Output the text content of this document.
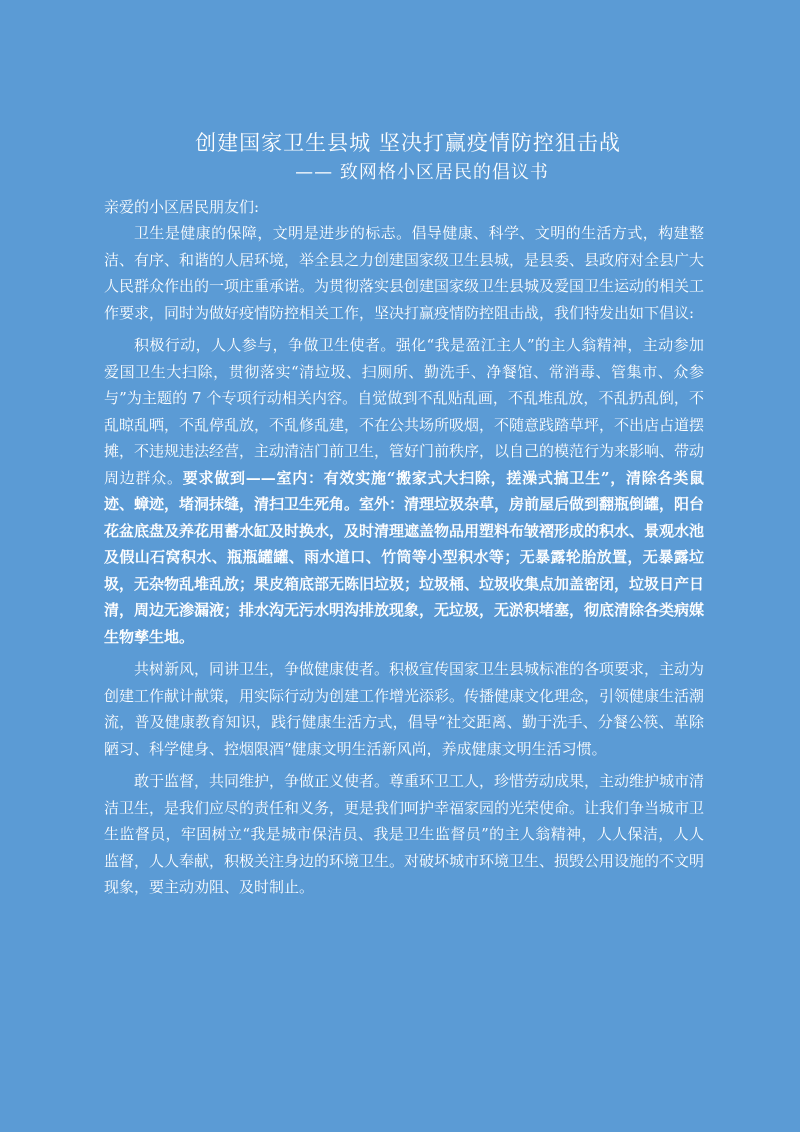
创建国家卫生县城 坚决打赢疫情防控狙击战
—— 致网格小区居民的倡议书

亲爱的小区居民朋友们:

卫生是健康的保障，文明是进步的标志。倡导健康、科学、文明的生活方式，构建整洁、有序、和谐的人居环境，举全县之力创建国家级卫生县城，是县委、县政府对全县广大人民群众作出的一项庄重承诺。为贯彻落实县创建国家级卫生县城及爱国卫生运动的相关工作要求，同时为做好疫情防控相关工作，坚决打赢疫情防控阻击战，我们特发出如下倡议:

积极行动，人人参与，争做卫生使者。强化“我是盈江主人”的主人翁精神，主动参加爱国卫生大扫除，贯彻落实“清垃圾、扫厕所、勤洗手、净餐馆、常消毒、管集市、众参与”为主题的 7 个专项行动相关内容。自觉做到不乱贴乱画，不乱堆乱放，不乱扔乱倒，不乱晾乱晒，不乱停乱放，不乱修乱建，不在公共场所吸烟，不随意践踏草坪，不出店占道摆摊，不违规违法经营，主动清洁门前卫生，管好门前秩序，以自己的模范行为来影响、带动周边群众。要求做到——室内：有效实施“搬家式大扫除，搓澡式搞卫生”，清除各类鼠迹、蟑迹，堵洞抹缝，清扫卫生死角。室外：清理垃圾杂草，房前屋后做到翻瓶倒罐，阳台花盆底盘及养花用蓄水缸及时换水，及时清理遮盖物品用塑料布皱褶形成的积水、景观水池及假山石窝积水、瓶瓶罐罐、雨水道口、竹筒等小型积水等；无暴露轮胎放置，无暴露垃圾，无杂物乱堆乱放；果皮箱底部无陈旧垃圾；垃圾桶、垃圾收集点加盖密闭，垃圾日产日清，周边无渗漏液；排水沟无污水明沟排放现象，无垃圾，无淤积堵塞，彻底清除各类病媒生物孳生地。

共树新风，同讲卫生，争做健康使者。积极宣传国家卫生县城标准的各项要求，主动为创建工作献计献策，用实际行动为创建工作增光添彩。传播健康文化理念，引领健康生活潮流，普及健康教育知识，践行健康生活方式，倡导“社交距离、勤于洗手、分餐公筷、革除陋习、科学健身、控烟限酒”健康文明生活新风尚，养成健康文明生活习惯。

敢于监督，共同维护，争做正义使者。尊重环卫工人，珍惜劳动成果，主动维护城市清洁卫生，是我们应尽的责任和义务，更是我们呵护幸福家园的光荣使命。让我们争当城市卫生监督员，牢固树立“我是城市保洁员、我是卫生监督员”的主人翁精神，人人保洁，人人监督，人人奉献，积极关注身边的环境卫生。对破坏城市环境卫生、损毁公用设施的不文明现象，要主动劝阻、及时制止。
